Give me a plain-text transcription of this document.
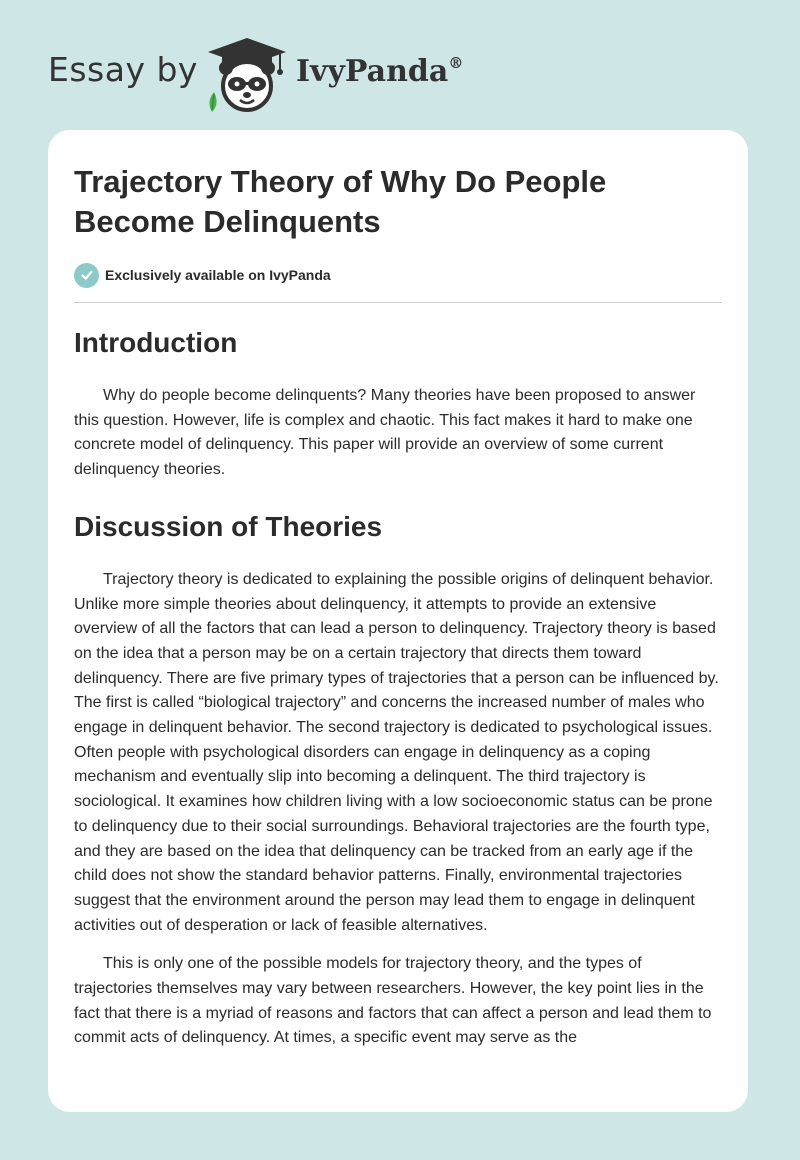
Essay by	IvyPanda®
Trajectory Theory of Why Do People Become Delinquents
Exclusively available on IvyPanda
Introduction

Why do people become delinquents? Many theories have been proposed to answer this question. However, life is complex and chaotic. This fact makes it hard to make one concrete model of delinquency. This paper will provide an overview of some current delinquency theories.

Discussion of Theories

Trajectory theory is dedicated to explaining the possible origins of delinquent behavior. Unlike more simple theories about delinquency, it attempts to provide an extensive overview of all the factors that can lead a person to delinquency. Trajectory theory is based on the idea that a person may be on a certain trajectory that directs them toward delinquency. There are five primary types of trajectories that a person can be influenced by. The first is called “biological trajectory” and concerns the increased number of males who engage in delinquent behavior. The second trajectory is dedicated to psychological issues. Often people with psychological disorders can engage in delinquency as a coping mechanism and eventually slip into becoming a delinquent. The third trajectory is sociological. It examines how children living with a low socioeconomic status can be prone to delinquency due to their social surroundings. Behavioral trajectories are the fourth type, and they are based on the idea that delinquency can be tracked from an early age if the child does not show the standard behavior patterns. Finally, environmental trajectories suggest that the environment around the person may lead them to engage in delinquent activities out of desperation or lack of feasible alternatives.

This is only one of the possible models for trajectory theory, and the types of trajectories themselves may vary between researchers. However, the key point lies in the fact that there is a myriad of reasons and factors that can affect a person and lead them to commit acts of delinquency. At times, a specific event may serve as the
